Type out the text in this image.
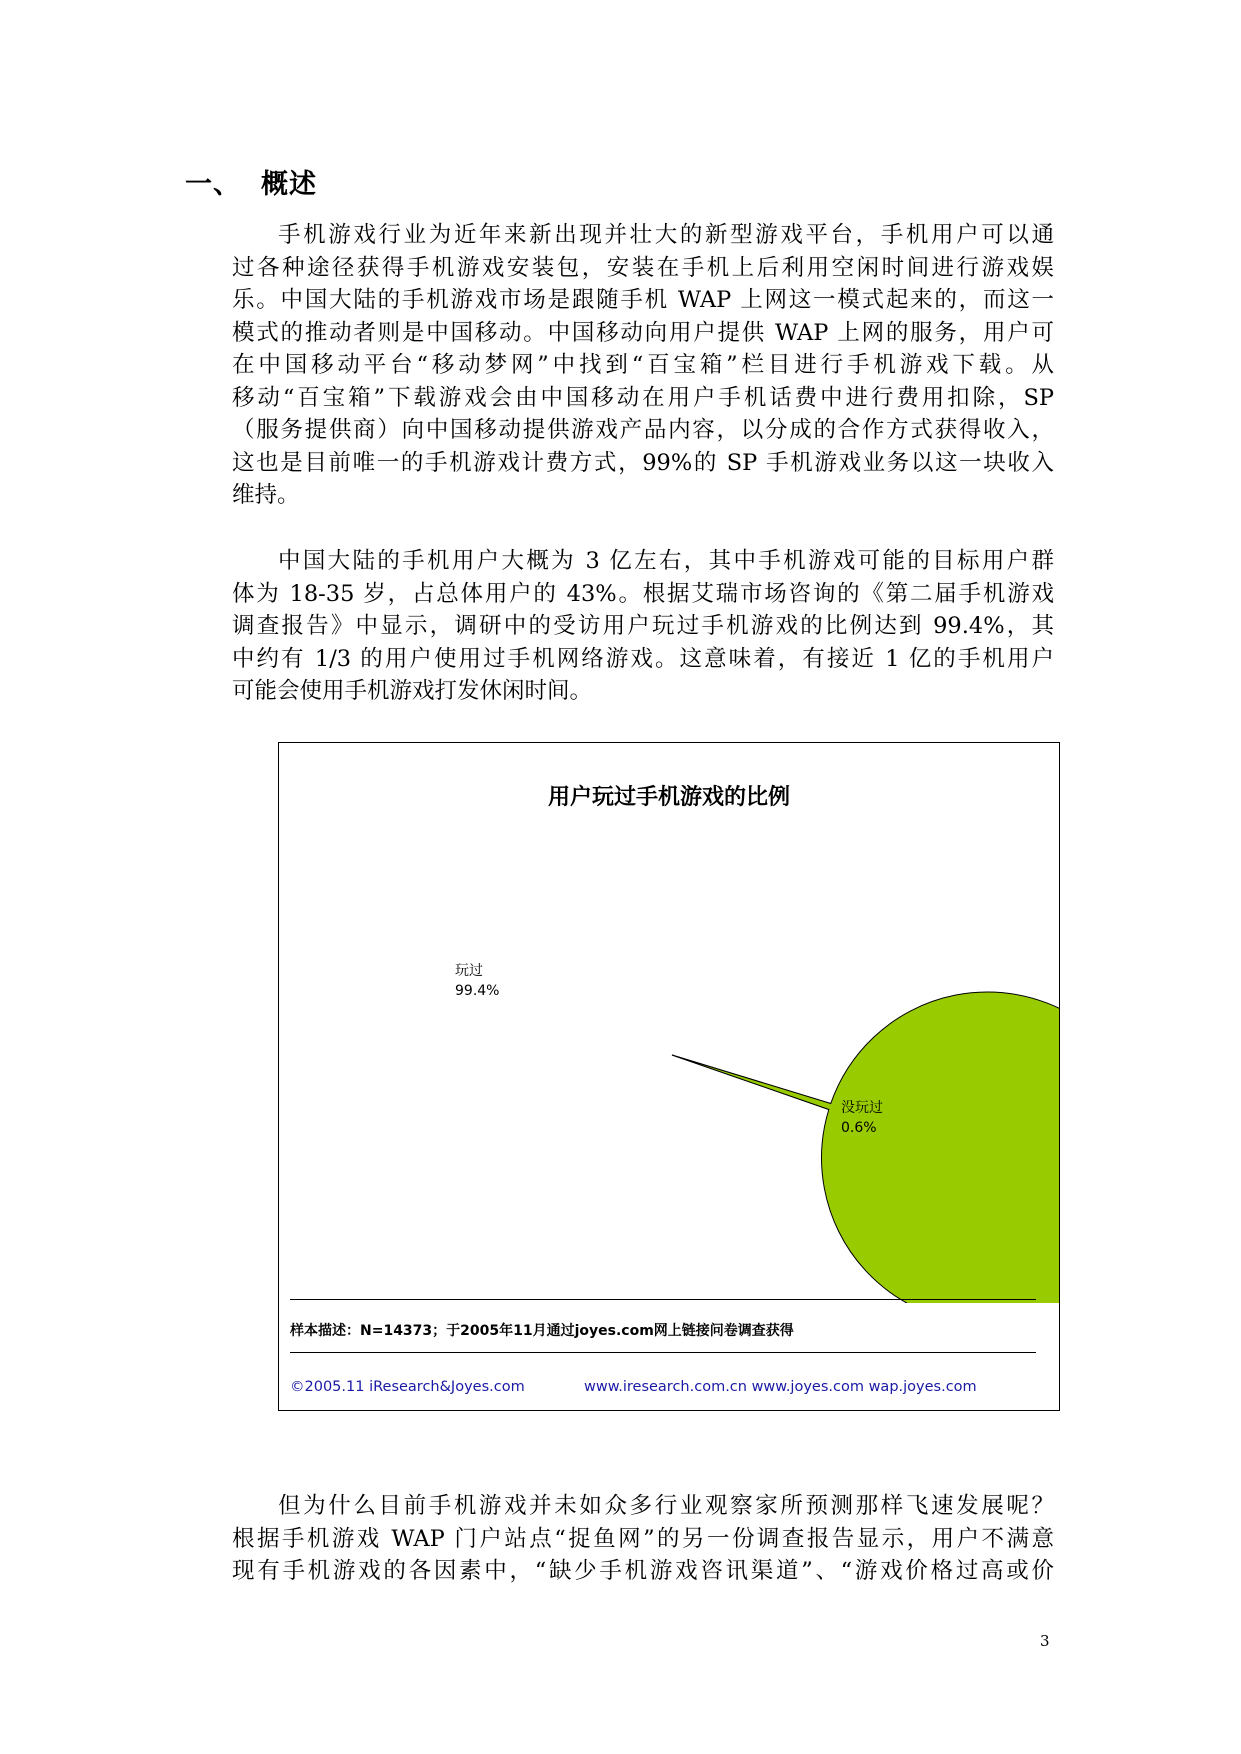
一、 概述
手机游戏行业为近年来新出现并壮大的新型游戏平台，手机用户可以通
过各种途径获得手机游戏安装包，安装在手机上后利用空闲时间进行游戏娱
乐。中国大陆的手机游戏市场是跟随手机 WAP 上网这一模式起来的，而这一
模式的推动者则是中国移动。中国移动向用户提供 WAP 上网的服务，用户可
在中国移动平台“移动梦网”中找到“百宝箱”栏目进行手机游戏下载。从
移动“百宝箱”下载游戏会由中国移动在用户手机话费中进行费用扣除，SP
（服务提供商）向中国移动提供游戏产品内容，以分成的合作方式获得收入，
这也是目前唯一的手机游戏计费方式，99%的 SP 手机游戏业务以这一块收入
维持。
中国大陆的手机用户大概为 3 亿左右，其中手机游戏可能的目标用户群
体为 18-35 岁，占总体用户的 43%。根据艾瑞市场咨询的《第二届手机游戏
调查报告》中显示，调研中的受访用户玩过手机游戏的比例达到 99.4%，其
中约有 1/3 的用户使用过手机网络游戏。这意味着，有接近 1 亿的手机用户
可能会使用手机游戏打发休闲时间。
用户玩过手机游戏的比例
玩过
99.4%
没玩过
0.6%
样本描述：N=14373；于2005年11月通过joyes.com网上链接问卷调查获得
©2005.11 iResearch&Joyes.com	www.iresearch.com.cn www.joyes.com wap.joyes.com
但为什么目前手机游戏并未如众多行业观察家所预测那样飞速发展呢？
根据手机游戏 WAP 门户站点“捉鱼网”的另一份调查报告显示，用户不满意
现有手机游戏的各因素中，“缺少手机游戏咨讯渠道”、“游戏价格过高或价
3
